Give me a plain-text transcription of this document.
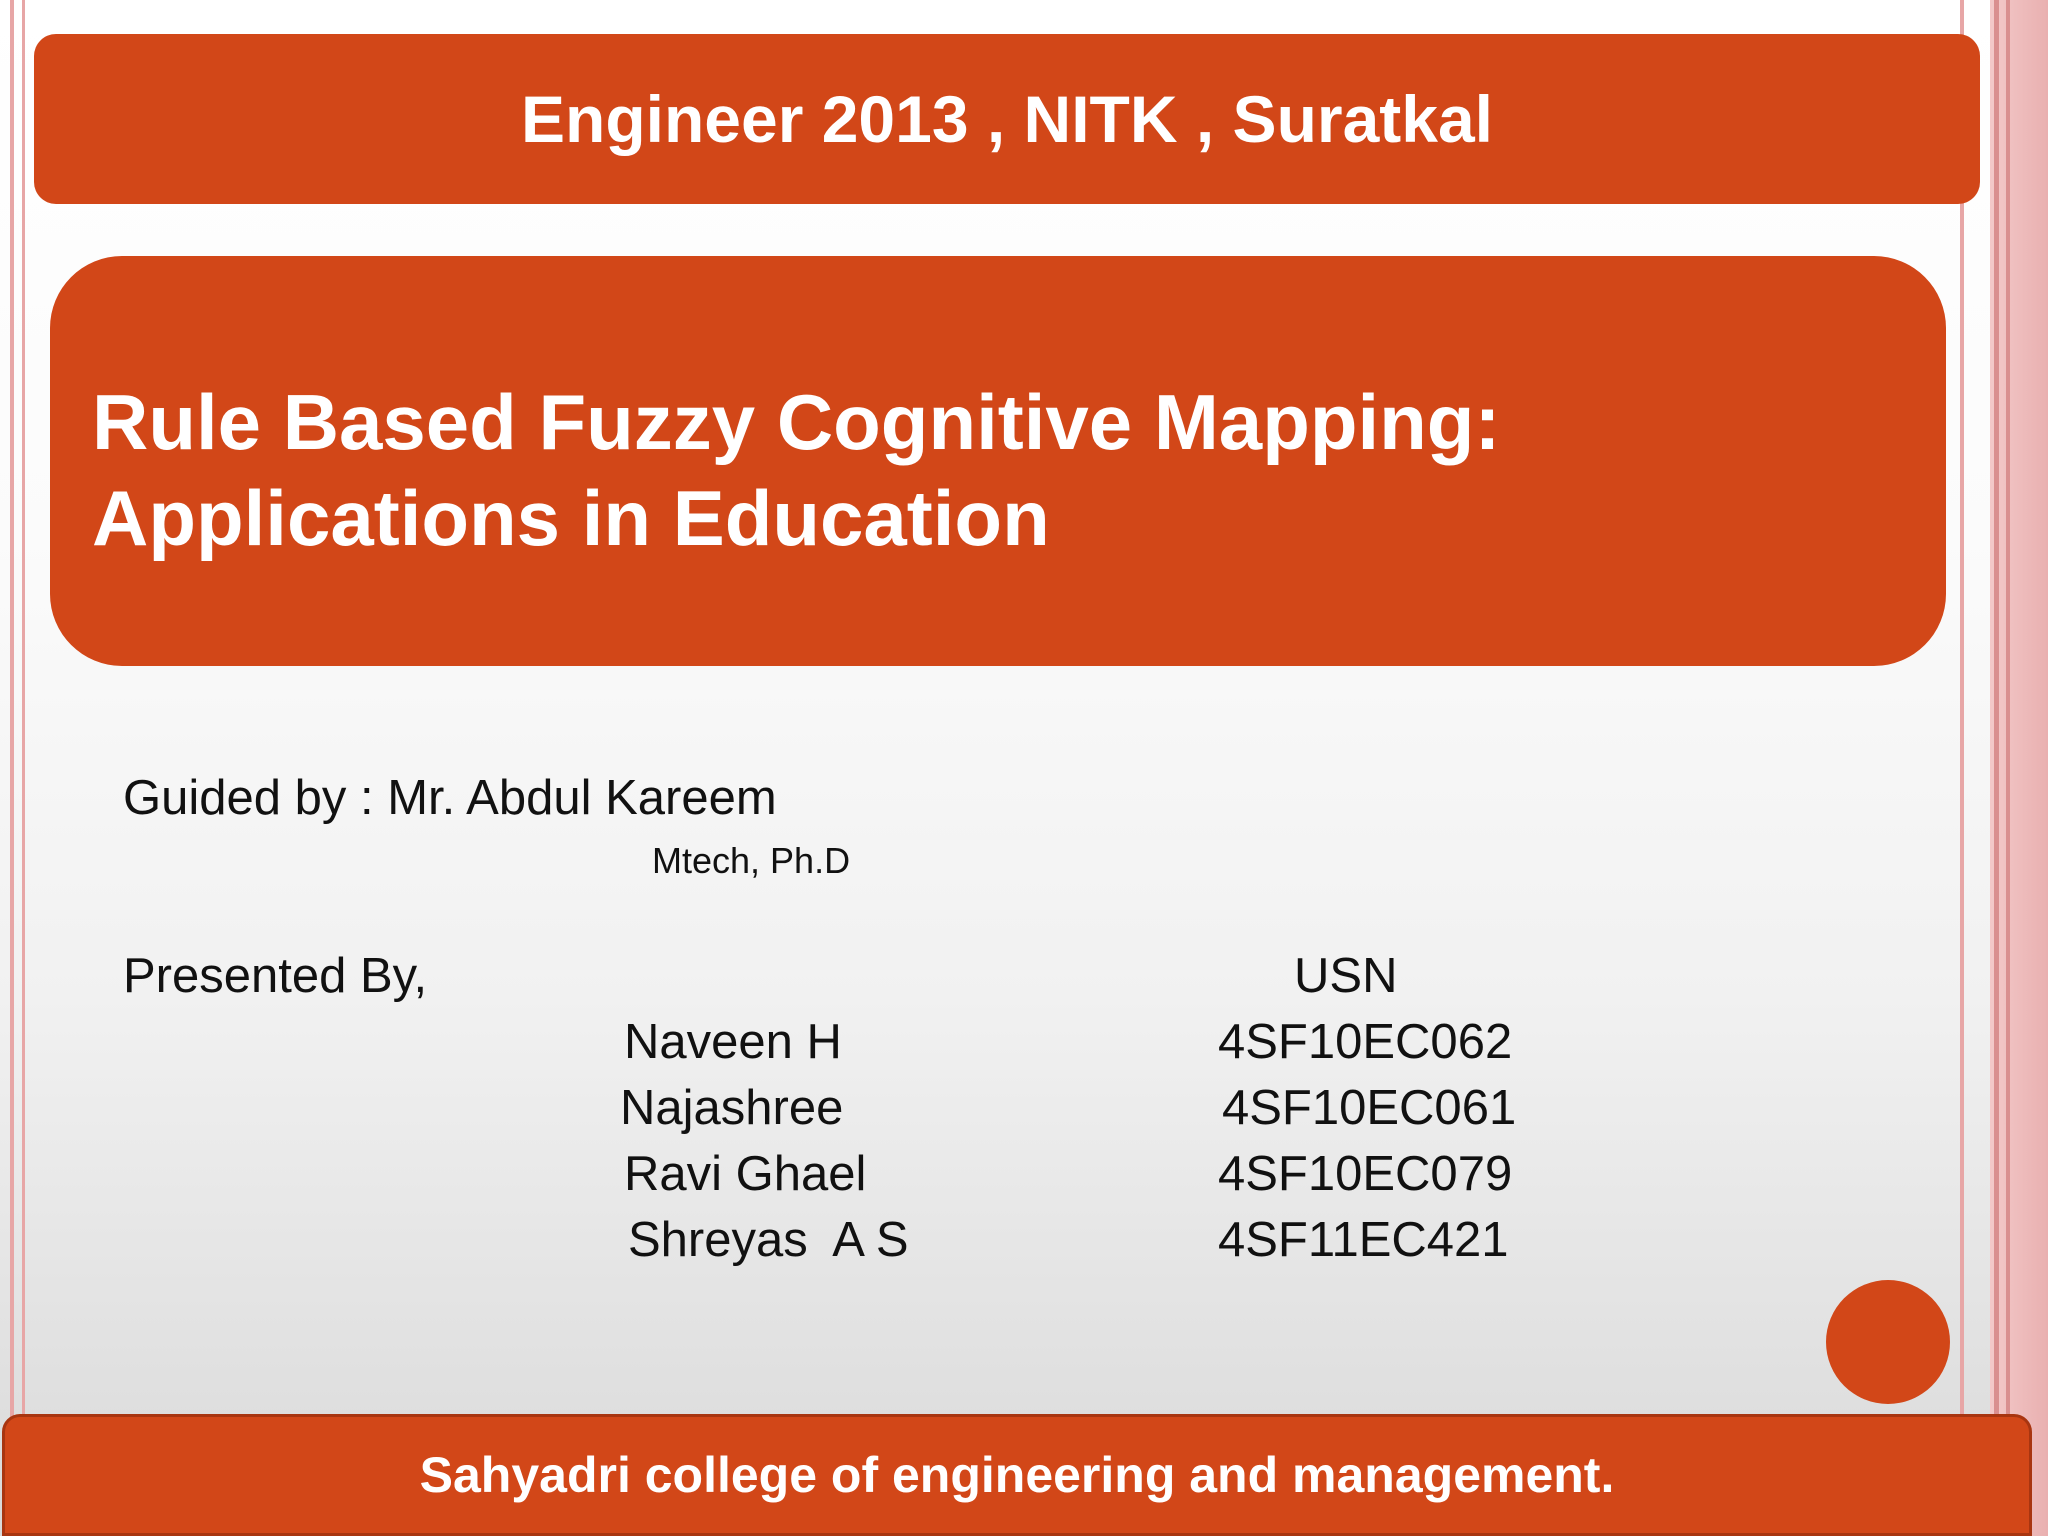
Engineer 2013 , NITK , Suratkal
Rule Based Fuzzy Cognitive Mapping:
Applications in Education
Guided by : Mr. Abdul Kareem
Mtech, Ph.D
Presented By,	USN
Naveen H	4SF10EC062
Najashree	4SF10EC061
Ravi Ghael	4SF10EC079
Shreyas  A S	4SF11EC421
Sahyadri college of engineering and management.
